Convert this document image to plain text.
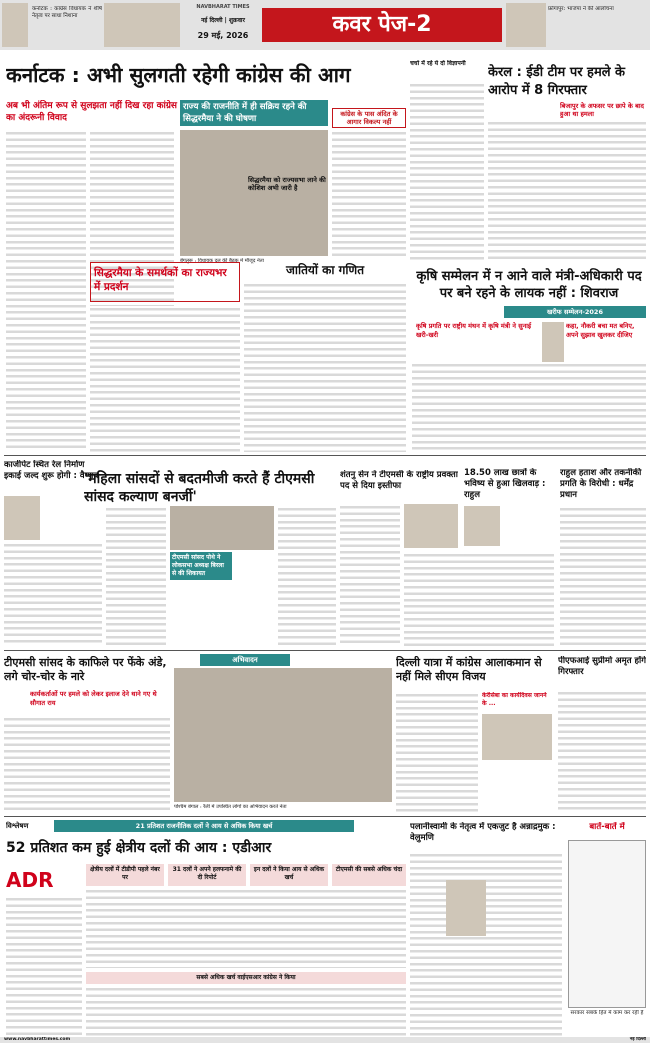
कर्नाटक : कांग्रेस विधायक ने शीर्ष नेतृत्व पर साधा निशाना
NAVBHARAT TIMES
नई दिल्ली | शुक्रवार
29 मई, 2026	कवर पेज-2
फ्रोगापुर: भाजपा ने की आलोचना
कर्नाटक : अभी सुलगती रहेगी कांग्रेस की आग
अब भी अंतिम रूप से सुलझता नहीं दिख रहा कांग्रेस का अंदरूनी विवाद
राज्य की राजनीति में ही सक्रिय रहने की सिद्धरमैया ने की घोषणा
बेंगलुरू : विधायक दल की बैठक में मौजूद नेता
कांग्रेस के पास अंदित के आगार विकल्प नहीं
सिद्धरमैया को राज्यसभा लाने की कोशिश अभी जारी है
सिद्धरमैया के समर्थकों का राज्यभर में प्रदर्शन
जातियों का गणित
चर्चा में रहे ये दो विज्ञापनी
केरल : ईडी टीम पर हमले के आरोप में 8 गिरफ्तार
बिजापुर के अफसर पर छापे के बाद हुआ था हमला
कृषि सम्मेलन में न आने वाले मंत्री-अधिकारी पद पर बने रहने के लायक नहीं : शिवराज
खरीफ सम्मेलन-2026
कृषि प्रगति पर राष्ट्रीय मंथन में कृषि मंत्री ने सुनाई खरी-खरी
कहा, नौकरी बचा मत बनिए, अपने सुझाव खुलकर दीजिए
काजीपेट स्थित रेल निर्माण इकाई जल्द शुरू होगी : वैष्णव
'महिला सांसदों से बदतमीजी करते हैं टीएमसी सांसद कल्याण बनर्जी'
टीएमसी सांसद पोथे ने लोकसभा अध्यक्ष बिरला से की शिकायत
शंतनु सेन ने टीएमसी के राष्ट्रीय प्रवक्ता पद से दिया इस्तीफा
18.50 लाख छात्रों के भविष्य से हुआ खिलवाड़ : राहुल
राहुल हताश और तकनीकी प्रगति के विरोधी : धर्मेंद्र प्रधान
टीएमसी सांसद के काफिले पर फेंके अंडे, लगे चोर-चोर के नारे
कार्यकर्ताओं पर हमले को लेकर इलाज देने थाने गए थे सौगात राय
अभिवादन
पश्चिम बंगाल : रैली में उपस्थित लोगों का अभिवादन करते नेता
दिल्ली यात्रा में कांग्रेस आलाकमान से नहीं मिले सीएम विजय
केरीसेबा का कार्यदिवस जानने के ...
पीएफआई सुप्रीमो अमृत होंगे गिरफ्तार
विश्लेषण	21 प्रतिशत राजनीतिक दलों ने आय से अधिक किया खर्च
52 प्रतिशत कम हुई क्षेत्रीय दलों की आय : एडीआर
ADR	क्षेत्रीय दलों में टीडीपी पहले नंबर पर
31 दलों ने अपने हलफनामे की दी रिपोर्ट
इन दलों ने किया आय से अधिक खर्च
टीएमसी की सबसे अधिक चंदा
सबसे अधिक खर्च वाईएसआर कांग्रेस ने किया
पलानीस्वामी के नेतृत्व में एकजुट है अन्नाद्रमुक : वेलुमणि
बातें-बातें में
सरकार सबके हित में काम कर रही है
www.navbharattimes.com	नई दिल्ली
